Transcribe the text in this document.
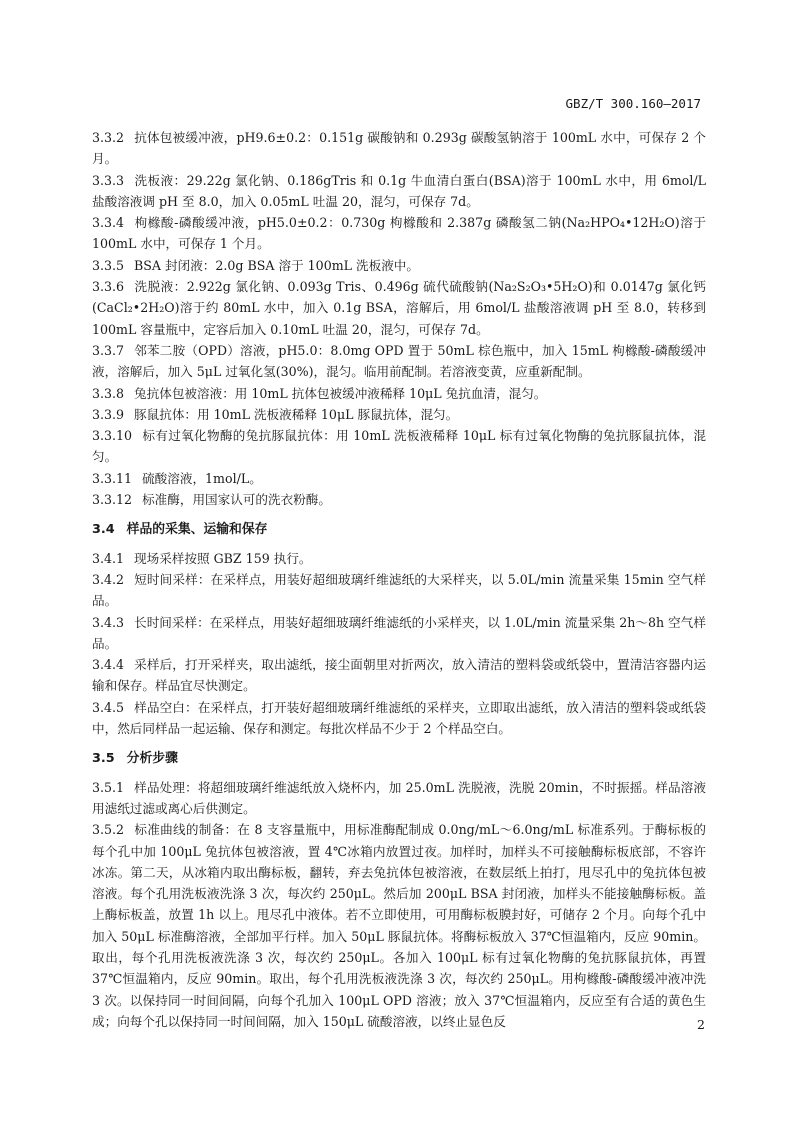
GBZ/T 300.160—2017

3.3.2 抗体包被缓冲液，pH9.6±0.2：0.151g 碳酸钠和 0.293g 碳酸氢钠溶于 100mL 水中，可保存 2 个月。

3.3.3 洗板液：29.22g 氯化钠、0.186gTris 和 0.1g 牛血清白蛋白(BSA)溶于 100mL 水中，用 6mol/L 盐酸溶液调 pH 至 8.0，加入 0.05mL 吐温 20，混匀，可保存 7d。

3.3.4 枸橼酸-磷酸缓冲液，pH5.0±0.2：0.730g 枸橼酸和 2.387g 磷酸氢二钠(Na₂HPO₄•12H₂O)溶于 100mL 水中，可保存 1 个月。

3.3.5 BSA 封闭液：2.0g BSA 溶于 100mL 洗板液中。

3.3.6 洗脱液：2.922g 氯化钠、0.093g Tris、0.496g 硫代硫酸钠(Na₂S₂O₃•5H₂O)和 0.0147g 氯化钙 (CaCl₂•2H₂O)溶于约 80mL 水中，加入 0.1g BSA，溶解后，用 6mol/L 盐酸溶液调 pH 至 8.0，转移到 100mL 容量瓶中，定容后加入 0.10mL 吐温 20，混匀，可保存 7d。

3.3.7 邻苯二胺（OPD）溶液，pH5.0：8.0mg OPD 置于 50mL 棕色瓶中，加入 15mL 枸橼酸-磷酸缓冲液，溶解后，加入 5μL 过氧化氢(30%)，混匀。临用前配制。若溶液变黄，应重新配制。

3.3.8 兔抗体包被溶液：用 10mL 抗体包被缓冲液稀释 10μL 兔抗血清，混匀。

3.3.9 豚鼠抗体：用 10mL 洗板液稀释 10μL 豚鼠抗体，混匀。

3.3.10 标有过氧化物酶的兔抗豚鼠抗体：用 10mL 洗板液稀释 10μL 标有过氧化物酶的兔抗豚鼠抗体，混匀。

3.3.11 硫酸溶液，1mol/L。

3.3.12 标准酶，用国家认可的洗衣粉酶。

3.4 样品的采集、运输和保存

3.4.1 现场采样按照 GBZ 159 执行。

3.4.2 短时间采样：在采样点，用装好超细玻璃纤维滤纸的大采样夹，以 5.0L/min 流量采集 15min 空气样品。

3.4.3 长时间采样：在采样点，用装好超细玻璃纤维滤纸的小采样夹，以 1.0L/min 流量采集 2h～8h 空气样品。

3.4.4 采样后，打开采样夹，取出滤纸，接尘面朝里对折两次，放入清洁的塑料袋或纸袋中，置清洁容器内运输和保存。样品宜尽快测定。

3.4.5 样品空白：在采样点，打开装好超细玻璃纤维滤纸的采样夹，立即取出滤纸，放入清洁的塑料袋或纸袋中，然后同样品一起运输、保存和测定。每批次样品不少于 2 个样品空白。

3.5 分析步骤

3.5.1 样品处理：将超细玻璃纤维滤纸放入烧杯内，加 25.0mL 洗脱液，洗脱 20min，不时振摇。样品溶液用滤纸过滤或离心后供测定。

3.5.2 标准曲线的制备：在 8 支容量瓶中，用标准酶配制成 0.0ng/mL～6.0ng/mL 标准系列。于酶标板的每个孔中加 100μL 兔抗体包被溶液，置 4℃冰箱内放置过夜。加样时，加样头不可接触酶标板底部，不容许冰冻。第二天，从冰箱内取出酶标板，翻转，弃去兔抗体包被溶液，在数层纸上拍打，甩尽孔中的兔抗体包被溶液。每个孔用洗板液洗涤 3 次，每次约 250μL。然后加 200μL BSA 封闭液，加样头不能接触酶标板。盖上酶标板盖，放置 1h 以上。甩尽孔中液体。若不立即使用，可用酶标板膜封好，可储存 2 个月。向每个孔中加入 50μL 标准酶溶液，全部加平行样。加入 50μL 豚鼠抗体。将酶标板放入 37℃恒温箱内，反应 90min。取出，每个孔用洗板液洗涤 3 次，每次约 250μL。各加入 100μL 标有过氧化物酶的兔抗豚鼠抗体，再置 37℃恒温箱内，反应 90min。取出，每个孔用洗板液洗涤 3 次，每次约 250μL。用枸橼酸-磷酸缓冲液冲洗 3 次。以保持同一时间间隔，向每个孔加入 100μL OPD 溶液；放入 37℃恒温箱内，反应至有合适的黄色生成；向每个孔以保持同一时间间隔，加入 150μL 硫酸溶液，以终止显色反	2
